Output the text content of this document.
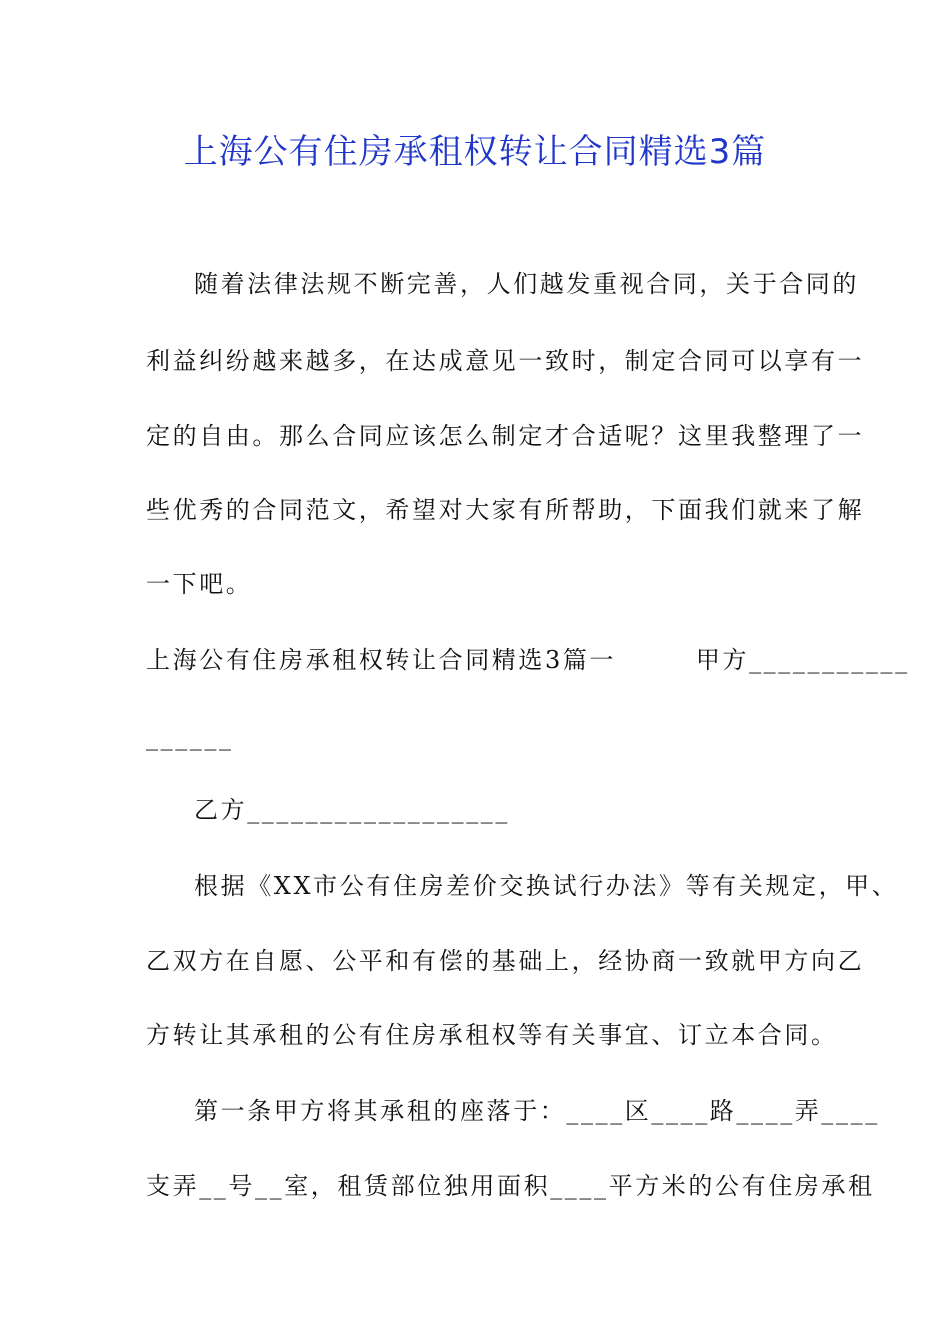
上海公有住房承租权转让合同精选3篇
随着法律法规不断完善，人们越发重视合同，关于合同的
利益纠纷越来越多，在达成意见一致时，制定合同可以享有一
定的自由。那么合同应该怎么制定才合适呢？这里我整理了一
些优秀的合同范文，希望对大家有所帮助，下面我们就来了解
一下吧。
上海公有住房承租权转让合同精选3篇一　　　甲方___________
______
乙方__________________
根据《XX市公有住房差价交换试行办法》等有关规定，甲、
乙双方在自愿、公平和有偿的基础上，经协商一致就甲方向乙
方转让其承租的公有住房承租权等有关事宜、订立本合同。
第一条甲方将其承租的座落于：____区____路____弄____
支弄__号__室，租赁部位独用面积____平方米的公有住房承租
